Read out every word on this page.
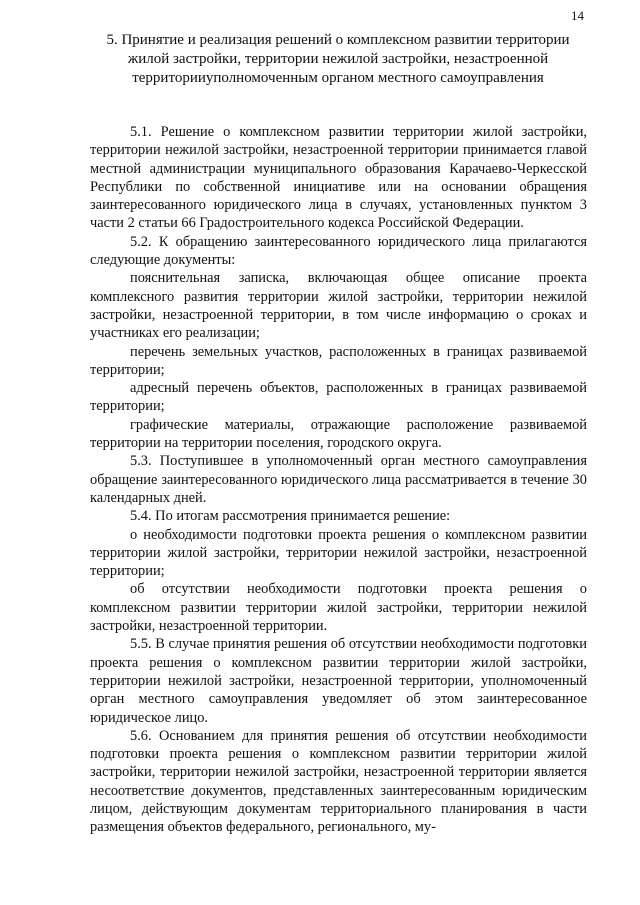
14
5. Принятие и реализация решений о комплексном развитии территории жилой застройки, территории нежилой застройки, незастроенной территорииуполномоченным органом местного самоуправления

5.1. Решение о комплексном развитии территории жилой застройки, территории нежилой застройки, незастроенной территории принимается главой местной администрации муниципального образования Карачаево-Черкесской Республики по собственной инициативе или на основании обращения заинтересованного юридического лица в случаях, установленных пунктом 3 части 2 статьи 66 Градостроительного кодекса Российской Федерации.

5.2. К обращению заинтересованного юридического лица прилагаются следующие документы:

пояснительная записка, включающая общее описание проекта комплексного развития территории жилой застройки, территории нежилой застройки, незастроенной территории, в том числе информацию о сроках и участниках его реализации;

перечень земельных участков, расположенных в границах развиваемой территории;

адресный перечень объектов, расположенных в границах развиваемой территории;

графические материалы, отражающие расположение развиваемой территории на территории поселения, городского округа.

5.3. Поступившее в уполномоченный орган местного самоуправления обращение заинтересованного юридического лица рассматривается в течение 30 календарных дней.

5.4. По итогам рассмотрения принимается решение:

о необходимости подготовки проекта решения о комплексном развитии территории жилой застройки, территории нежилой застройки, незастроенной территории;

об отсутствии необходимости подготовки проекта решения о комплексном развитии территории жилой застройки, территории нежилой застройки, незастроенной территории.

5.5. В случае принятия решения об отсутствии необходимости подготовки проекта решения о комплексном развитии территории жилой застройки, территории нежилой застройки, незастроенной территории, уполномоченный орган местного самоуправления уведомляет об этом заинтересованное юридическое лицо.

5.6. Основанием для принятия решения об отсутствии необходимости подготовки проекта решения о комплексном развитии территории жилой застройки, территории нежилой застройки, незастроенной территории является несоответствие документов, представленных заинтересованным юридическим лицом, действующим документам территориального планирования в части размещения объектов федерального, регионального, му-
